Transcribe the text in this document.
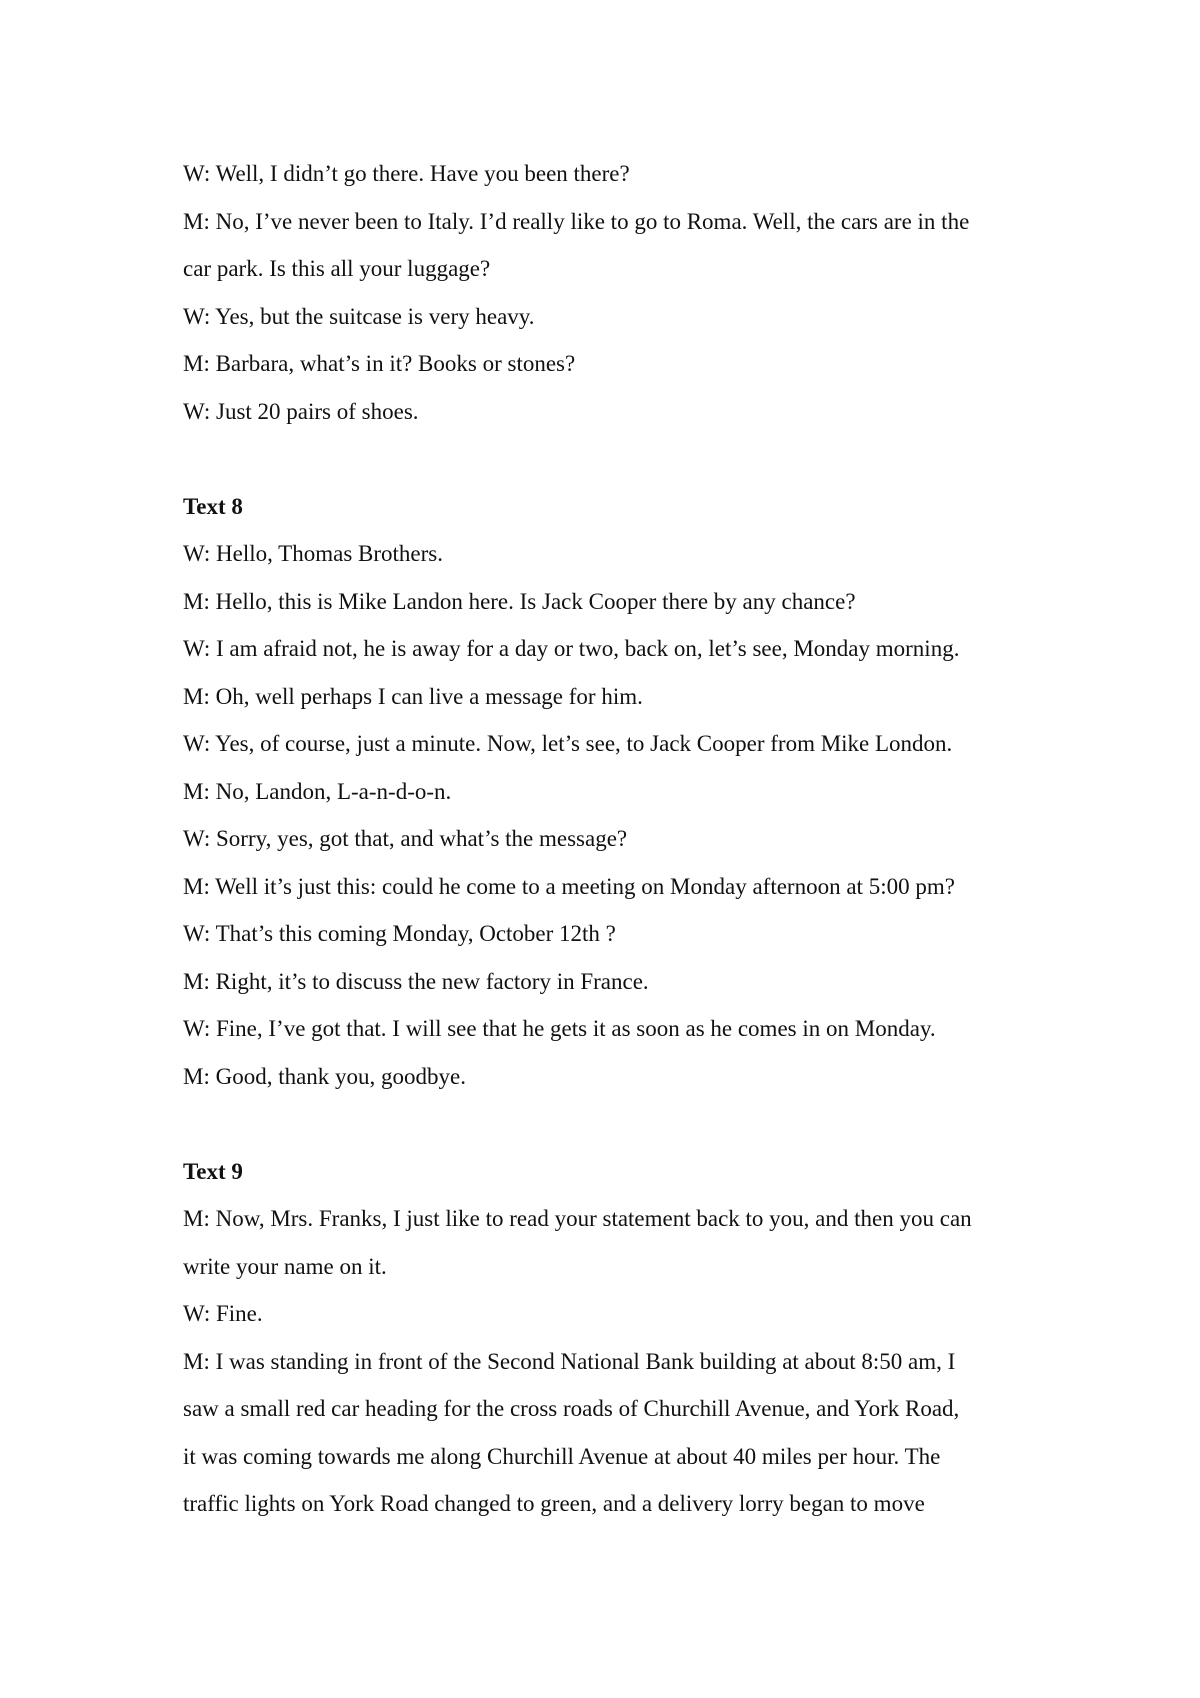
W: Well, I didn’t go there. Have you been there?
M: No, I’ve never been to Italy. I’d really like to go to Roma. Well, the cars are in the
car park. Is this all your luggage?
W: Yes, but the suitcase is very heavy.
M: Barbara, what’s in it? Books or stones?
W: Just 20 pairs of shoes.
Text 8
W: Hello, Thomas Brothers.
M: Hello, this is Mike Landon here. Is Jack Cooper there by any chance?
W: I am afraid not, he is away for a day or two, back on, let’s see, Monday morning.
M: Oh, well perhaps I can live a message for him.
W: Yes, of course, just a minute. Now, let’s see, to Jack Cooper from Mike London.
M: No, Landon, L-a-n-d-o-n.
W: Sorry, yes, got that, and what’s the message?
M: Well it’s just this: could he come to a meeting on Monday afternoon at 5:00 pm?
W: That’s this coming Monday, October 12th ?
M: Right, it’s to discuss the new factory in France.
W: Fine, I’ve got that. I will see that he gets it as soon as he comes in on Monday.
M: Good, thank you, goodbye.
Text 9
M: Now, Mrs. Franks, I just like to read your statement back to you, and then you can
write your name on it.
W: Fine.
M: I was standing in front of the Second National Bank building at about 8:50 am, I
saw a small red car heading for the cross roads of Churchill Avenue, and York Road,
it was coming towards me along Churchill Avenue at about 40 miles per hour. The
traffic lights on York Road changed to green, and a delivery lorry began to move
